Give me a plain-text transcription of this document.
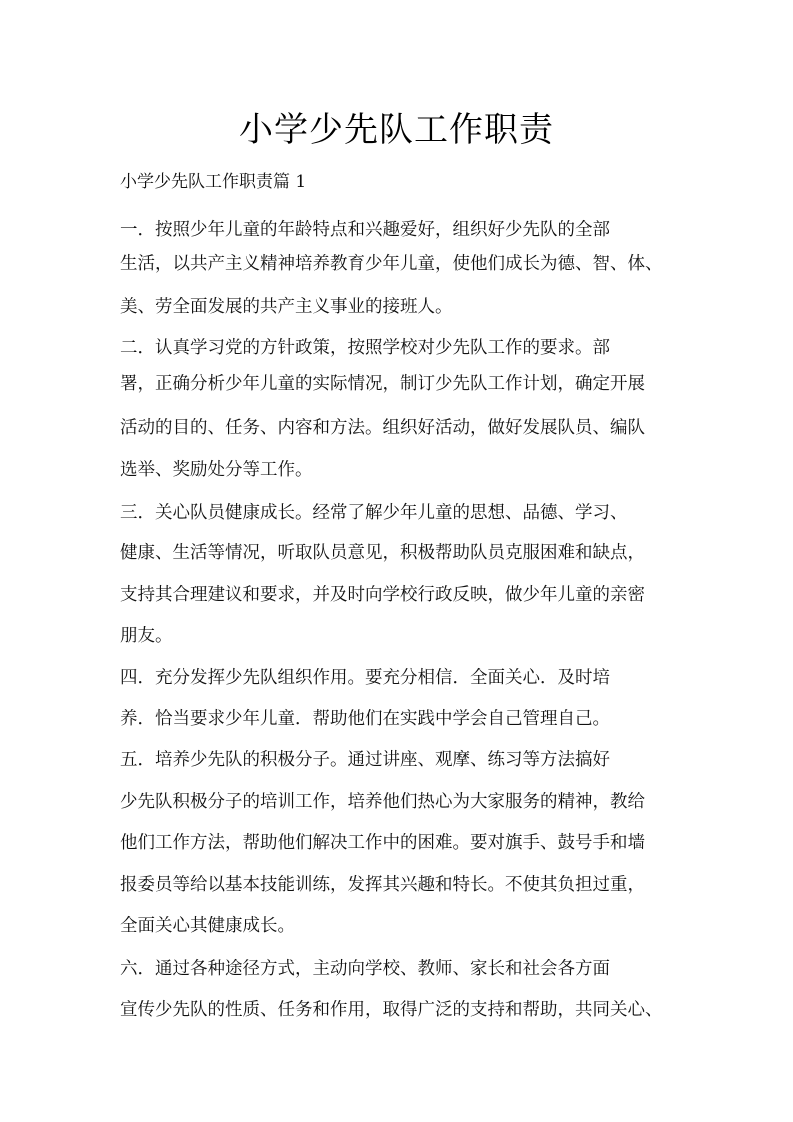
小学少先队工作职责
小学少先队工作职责篇 1
一．按照少年儿童的年龄特点和兴趣爱好，组织好少先队的全部
生活，以共产主义精神培养教育少年儿童，使他们成长为德、智、体、
美、劳全面发展的共产主义事业的接班人。
二．认真学习党的方针政策，按照学校对少先队工作的要求。部
署，正确分析少年儿童的实际情况，制订少先队工作计划，确定开展
活动的目的、任务、内容和方法。组织好活动，做好发展队员、编队
选举、奖励处分等工作。
三．关心队员健康成长。经常了解少年儿童的思想、品德、学习、
健康、生活等情况，听取队员意见，积极帮助队员克服困难和缺点，
支持其合理建议和要求，并及时向学校行政反映，做少年儿童的亲密
朋友。
四．充分发挥少先队组织作用。要充分相信．全面关心．及时培
养．恰当要求少年儿童．帮助他们在实践中学会自己管理自己。
五．培养少先队的积极分子。通过讲座、观摩、练习等方法搞好
少先队积极分子的培训工作，培养他们热心为大家服务的精神，教给
他们工作方法，帮助他们解决工作中的困难。要对旗手、鼓号手和墙
报委员等给以基本技能训练，发挥其兴趣和特长。不使其负担过重，
全面关心其健康成长。
六．通过各种途径方式，主动向学校、教师、家长和社会各方面
宣传少先队的性质、任务和作用，取得广泛的支持和帮助，共同关心、
